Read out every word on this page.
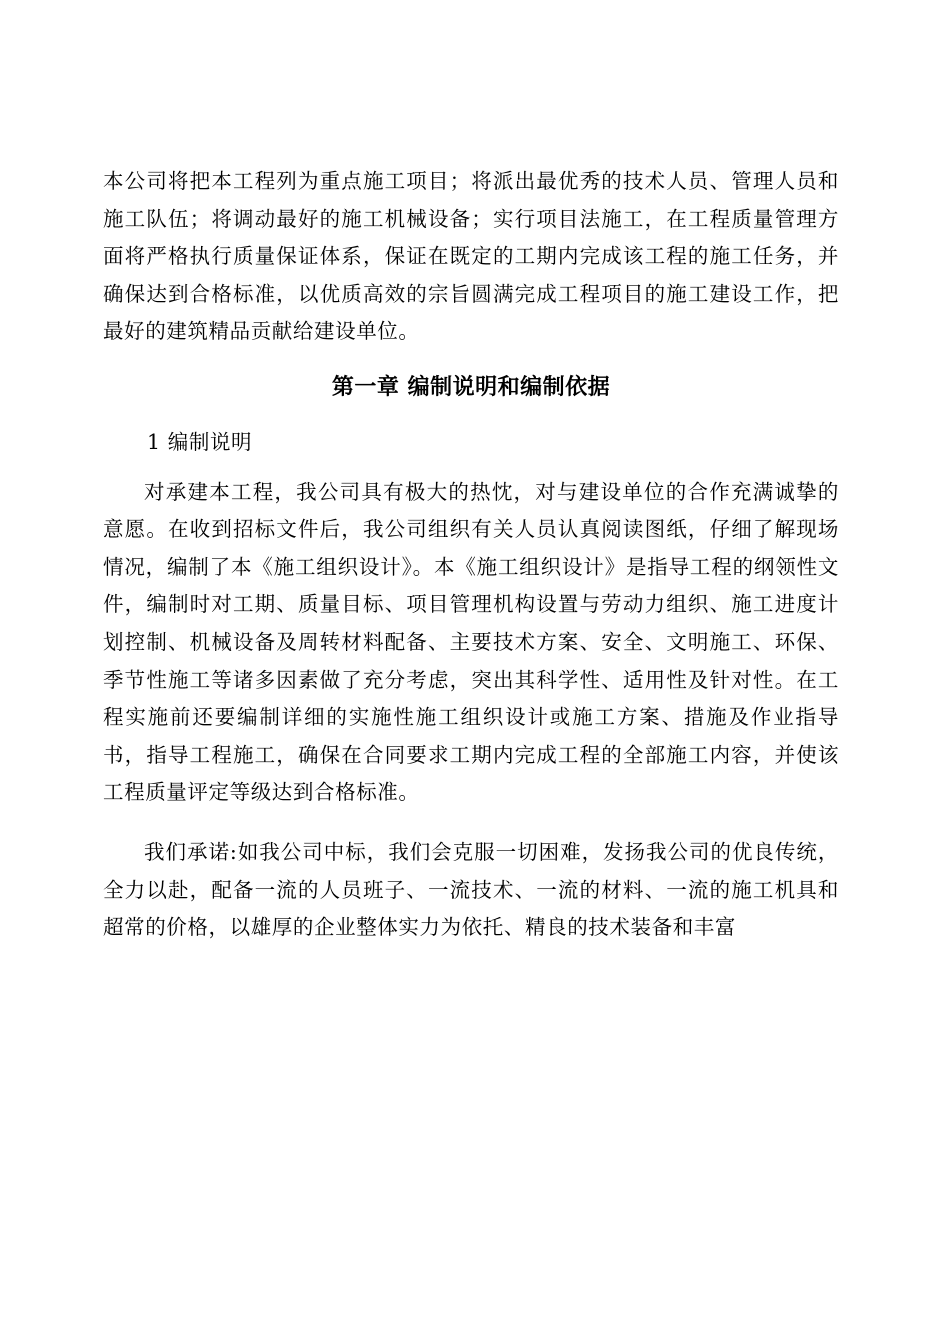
本公司将把本工程列为重点施工项目；将派出最优秀的技术人员、管理人员和施工队伍；将调动最好的施工机械设备；实行项目法施工，在工程质量管理方面将严格执行质量保证体系，保证在既定的工期内完成该工程的施工任务，并确保达到合格标准，以优质高效的宗旨圆满完成工程项目的施工建设工作，把最好的建筑精品贡献给建设单位。

第一章 编制说明和编制依据

1 编制说明

对承建本工程，我公司具有极大的热忱，对与建设单位的合作充满诚挚的意愿。在收到招标文件后，我公司组织有关人员认真阅读图纸，仔细了解现场情况，编制了本《施工组织设计》。本《施工组织设计》是指导工程的纲领性文件，编制时对工期、质量目标、项目管理机构设置与劳动力组织、施工进度计划控制、机械设备及周转材料配备、主要技术方案、安全、文明施工、环保、季节性施工等诸多因素做了充分考虑，突出其科学性、适用性及针对性。在工程实施前还要编制详细的实施性施工组织设计或施工方案、措施及作业指导书，指导工程施工，确保在合同要求工期内完成工程的全部施工内容，并使该工程质量评定等级达到合格标准。

我们承诺:如我公司中标，我们会克服一切困难，发扬我公司的优良传统，全力以赴，配备一流的人员班子、一流技术、一流的材料、一流的施工机具和超常的价格，以雄厚的企业整体实力为依托、精良的技术装备和丰富
